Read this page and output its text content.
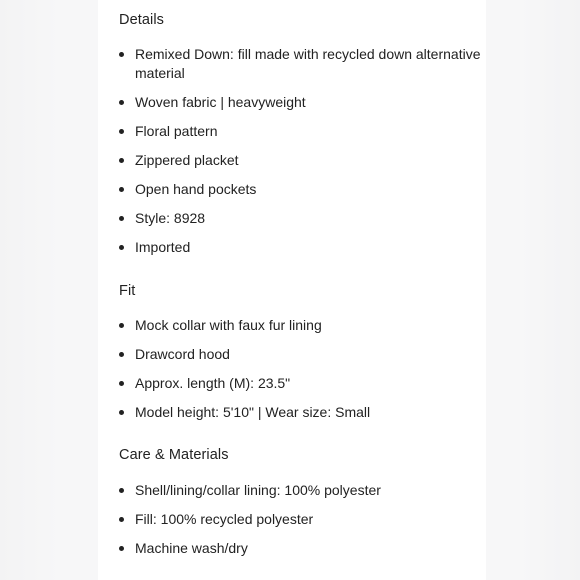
Details
Remixed Down: fill made with recycled down alternative material
Woven fabric | heavyweight
Floral pattern
Zippered placket
Open hand pockets
Style: 8928
Imported
Fit
Mock collar with faux fur lining
Drawcord hood
Approx. length (M): 23.5"
Model height: 5'10" | Wear size: Small
Care & Materials
Shell/lining/collar lining: 100% polyester
Fill: 100% recycled polyester
Machine wash/dry
